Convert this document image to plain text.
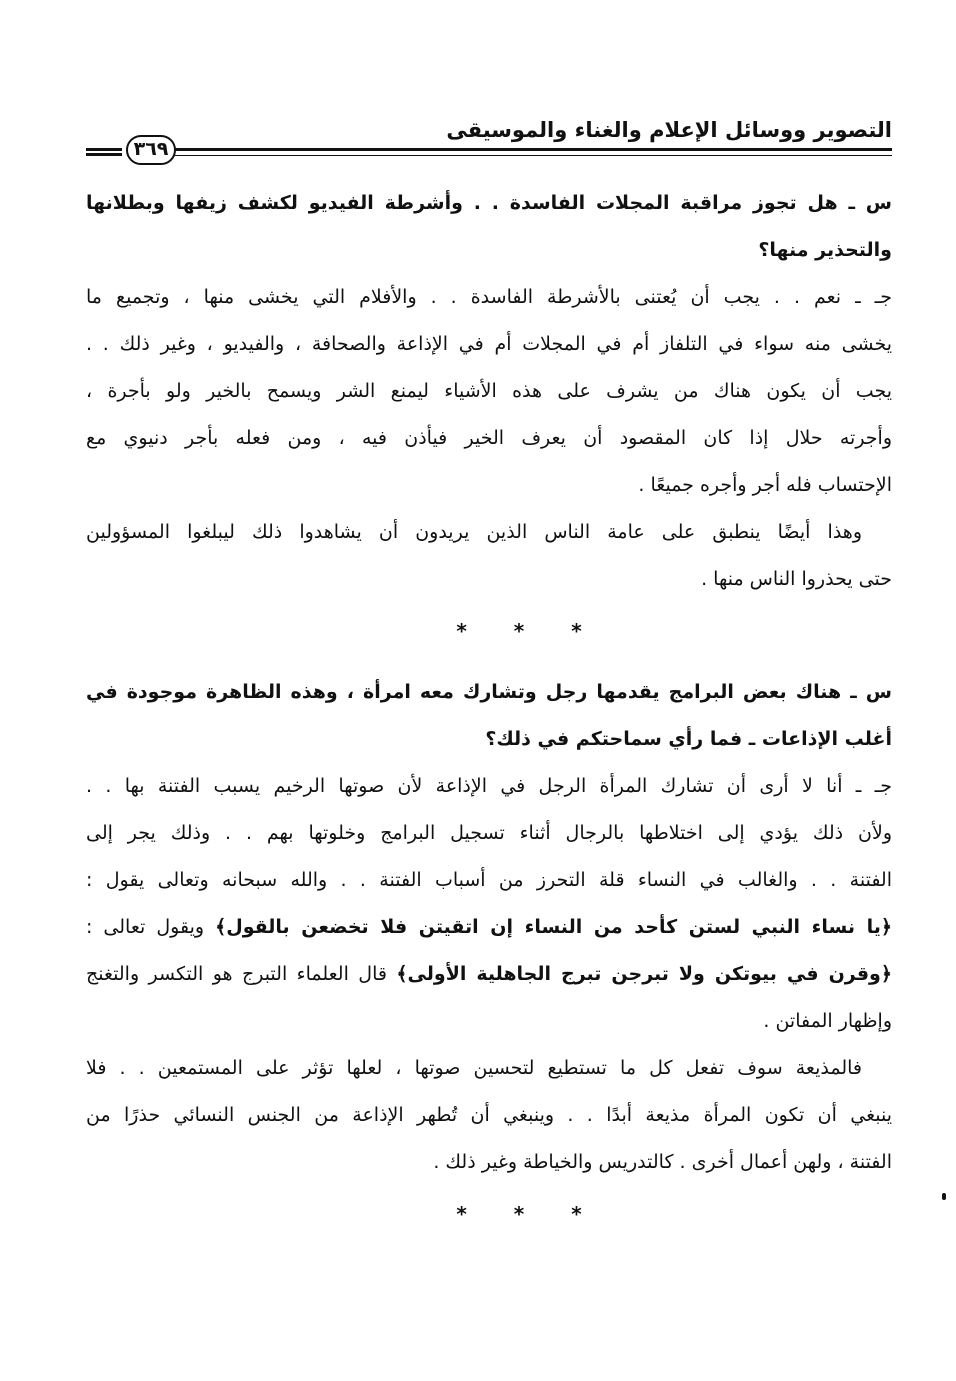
التصوير ووسائل الإعلام والغناء والموسيقى
٣٦٩
س ـ هل تجوز مراقبة المجلات الفاسدة . . وأشرطة الفيديو لكشف زيفها وبطلانها
والتحذير منها؟
جـ ـ نعم . . يجب أن يُعتنى بالأشرطة الفاسدة . . والأفلام التي يخشى منها ، وتجميع ما
يخشى منه سواء في التلفاز أم في المجلات أم في الإذاعة والصحافة ، والفيديو ، وغير ذلك . .
يجب أن يكون هناك من يشرف على هذه الأشياء ليمنع الشر ويسمح بالخير ولو بأجرة ،
وأجرته حلال إذا كان المقصود أن يعرف الخير فيأذن فيه ، ومن فعله بأجر دنيوي مع
الإحتساب فله أجر وأجره جميعًا .
وهذا أيضًا ينطبق على عامة الناس الذين يريدون أن يشاهدوا ذلك ليبلغوا المسؤولين
حتى يحذروا الناس منها .
* * *
س ـ هناك بعض البرامج يقدمها رجل وتشارك معه امرأة ، وهذه الظاهرة موجودة في
أغلب الإذاعات ـ فما رأي سماحتكم في ذلك؟
جـ ـ أنا لا أرى أن تشارك المرأة الرجل في الإذاعة لأن صوتها الرخيم يسبب الفتنة بها . .
ولأن ذلك يؤدي إلى اختلاطها بالرجال أثناء تسجيل البرامج وخلوتها بهم . . وذلك يجر إلى
الفتنة . . والغالب في النساء قلة التحرز من أسباب الفتنة . . والله سبحانه وتعالى يقول :
﴿يا نساء النبي لستن كأحد من النساء إن اتقيتن فلا تخضعن بالقول﴾ ويقول تعالى :
﴿وقرن في بيوتكن ولا تبرجن تبرج الجاهلية الأولى﴾ قال العلماء التبرج هو التكسر والتغنج
وإظهار المفاتن .
فالمذيعة سوف تفعل كل ما تستطيع لتحسين صوتها ، لعلها تؤثر على المستمعين . . فلا
ينبغي أن تكون المرأة مذيعة أبدًا . . وينبغي أن تُطهر الإذاعة من الجنس النسائي حذرًا من
الفتنة ، ولهن أعمال أخرى . كالتدريس والخياطة وغير ذلك .
* * *
